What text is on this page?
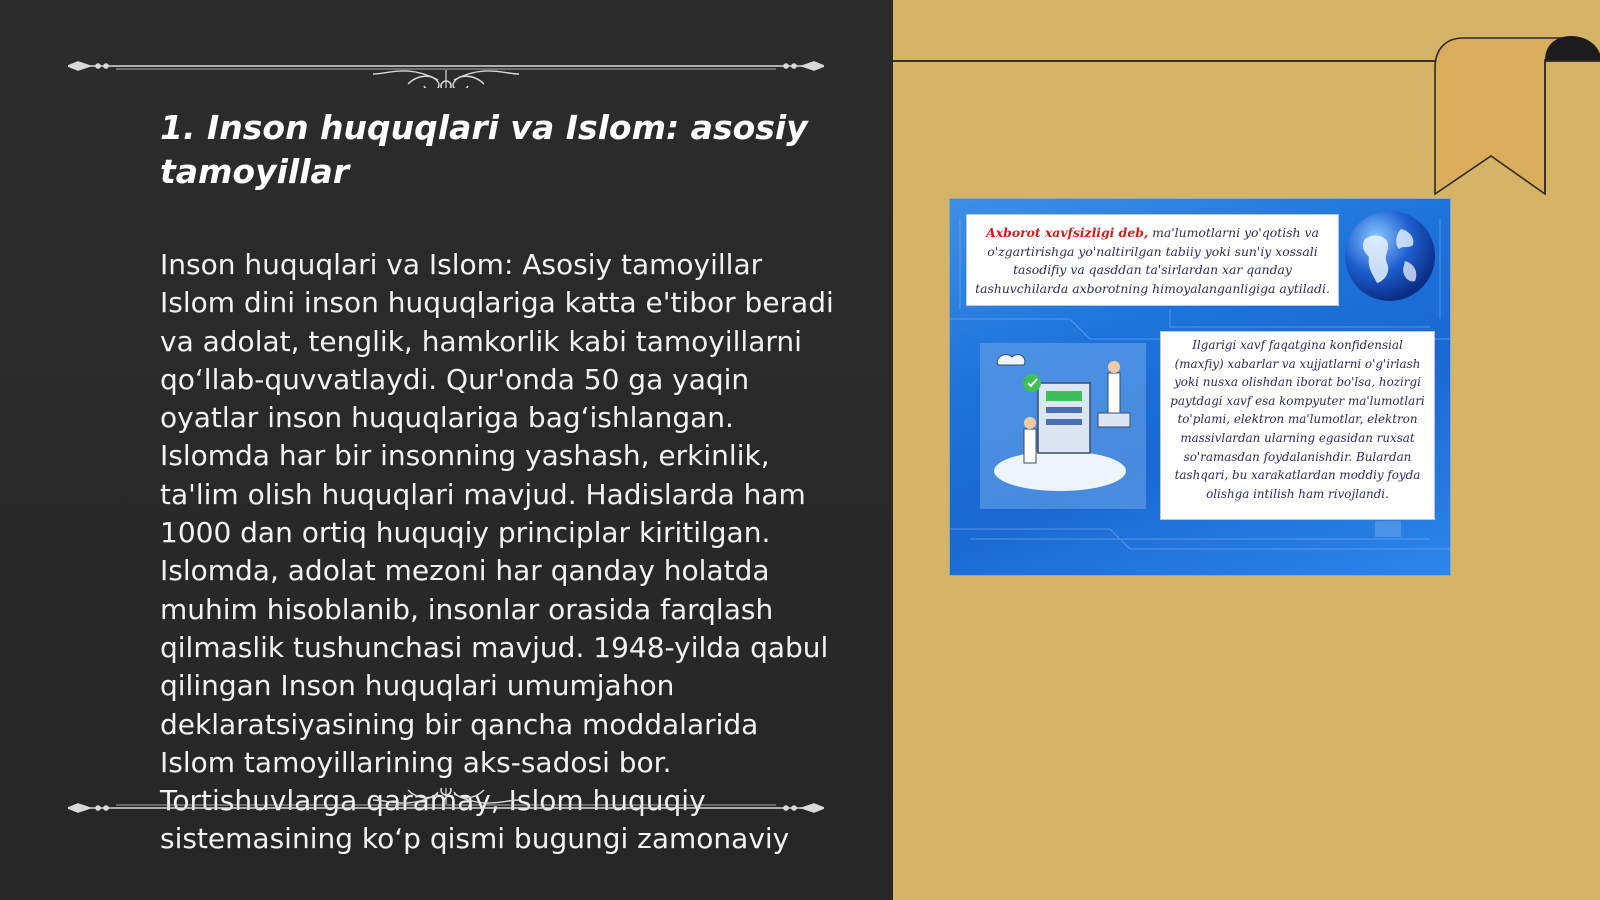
1. Inson huquqlari va Islom: asosiy tamoyillar

Inson huquqlari va Islom: Asosiy tamoyillar Islom dini inson huquqlariga katta e'tibor beradi va adolat, tenglik, hamkorlik kabi tamoyillarni qo‘llab-quvvatlaydi. Qur'onda 50 ga yaqin oyatlar inson huquqlariga bag‘ishlangan. Islomda har bir insonning yashash, erkinlik, ta'lim olish huquqlari mavjud. Hadislarda ham 1000 dan ortiq huquqiy principlar kiritilgan. Islomda, adolat mezoni har qanday holatda muhim hisoblanib, insonlar orasida farqlash qilmaslik tushunchasi mavjud. 1948-yilda qabul qilingan Inson huquqlari umumjahon deklaratsiyasining bir qancha moddalarida Islom tamoyillarining aks-sadosi bor. Tortishuvlarga qaramay, Islom huquqiy sistemasining ko‘p qismi bugungi zamonaviy

Axborot xavfsizligi deb, ma'lumotlarni yo'qotish va o'zgartirishga yo'naltirilgan tabiiy yoki sun'iy xossali tasodifiy va qasddan ta'sirlardan xar qanday tashuvchilarda axborotning himoyalanganligiga aytiladi.
Ilgarigi xavf faqatgina konfidensial (maxfiy) xabarlar va xujjatlarni o'g'irlash yoki nusxa olishdan iborat bo'lsa, hozirgi paytdagi xavf esa kompyuter ma'lumotlari to'plami, elektron ma'lumotlar, elektron massivlardan ularning egasidan ruxsat so'ramasdan foydalanishdir. Bulardan tashqari, bu xarakatlardan moddiy foyda olishga intilish ham rivojlandi.
